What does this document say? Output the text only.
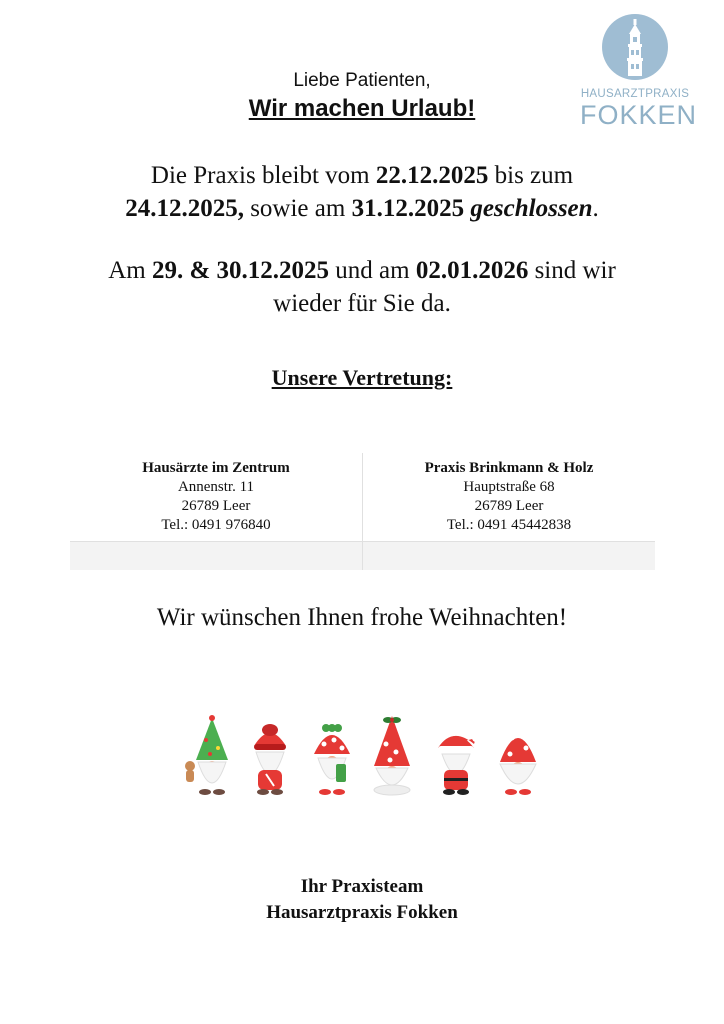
HAUSARZTPRAXIS
FOKKEN
Liebe Patienten,
Wir machen Urlaub!
Die Praxis bleibt vom 22.12.2025 bis zum
24.12.2025, sowie am 31.12.2025 geschlossen.
Am 29. & 30.12.2025 und am 02.01.2026 sind wir
wieder für Sie da.
Unsere Vertretung:
Hausärzte im Zentrum
Annenstr. 11
26789 Leer
Tel.: 0491 976840
Praxis Brinkmann & Holz
Hauptstraße 68
26789 Leer
Tel.: 0491 45442838
Wir wünschen Ihnen frohe Weihnachten!
Ihr Praxisteam
Hausarztpraxis Fokken
